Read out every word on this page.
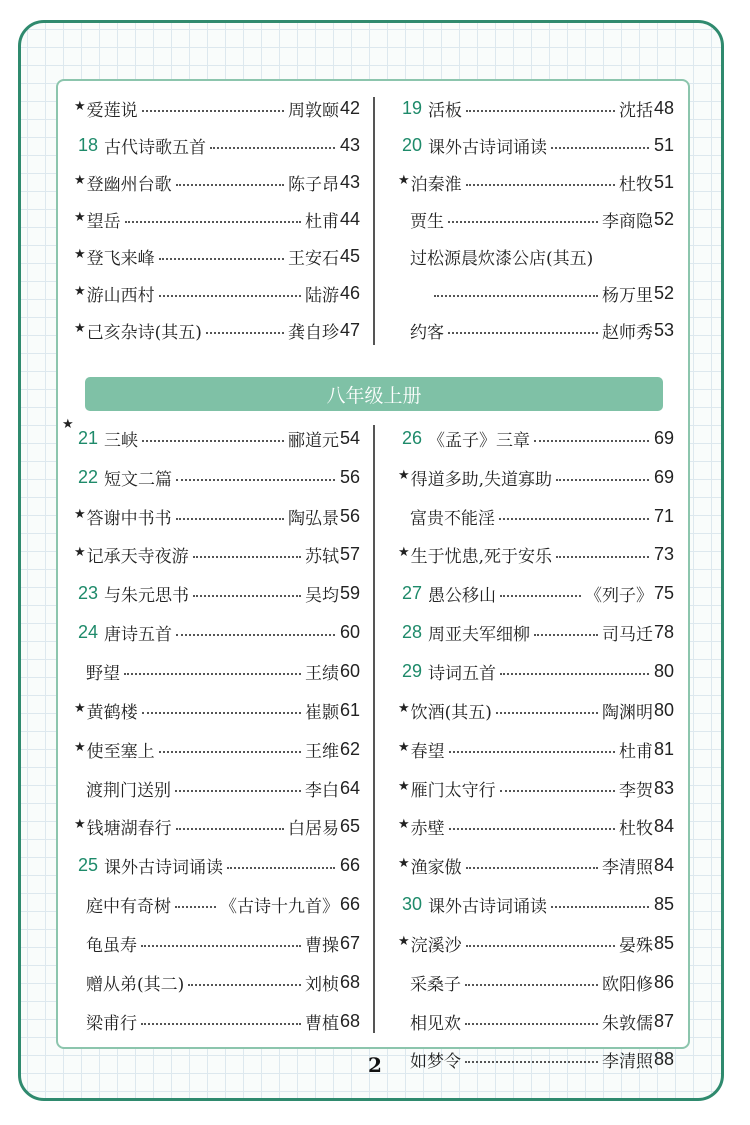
★ 爱莲说	周敦颐 42
18 古代诗歌五首	43
★ 登幽州台歌	陈子昂 43
★ 望岳	杜甫 44
★ 登飞来峰	王安石 45
★ 游山西村	陆游 46
★ 己亥杂诗(其五)	龚自珍 47
19 活板	沈括 48
20 课外古诗词诵读	51
★ 泊秦淮	杜牧 51
贾生	李商隐 52
过松源晨炊漆公店(其五)
杨万里 52
约客	赵师秀 53
八年级上册
★
21 三峡	郦道元 54
22 短文二篇	56
★ 答谢中书书	陶弘景 56
★ 记承天寺夜游	苏轼 57
23 与朱元思书	吴均 59
24 唐诗五首	60
野望	王绩 60
★ 黄鹤楼	崔颢 61
★ 使至塞上	王维 62
渡荆门送别	李白 64
★ 钱塘湖春行	白居易 65
25 课外古诗词诵读	66
庭中有奇树	《古诗十九首》 66
龟虽寿	曹操 67
赠从弟(其二)	刘桢 68
梁甫行	曹植 68
26 《孟子》三章	69
★ 得道多助,失道寡助	69
富贵不能淫	71
★ 生于忧患,死于安乐	73
27 愚公移山	《列子》 75
28 周亚夫军细柳	司马迁 78
29 诗词五首	80
★ 饮酒(其五)	陶渊明 80
★ 春望	杜甫 81
★ 雁门太守行	李贺 83
★ 赤壁	杜牧 84
★ 渔家傲	李清照 84
30 课外古诗词诵读	85
★ 浣溪沙	晏殊 85
采桑子	欧阳修 86
相见欢	朱敦儒 87
如梦令	李清照 88
2
